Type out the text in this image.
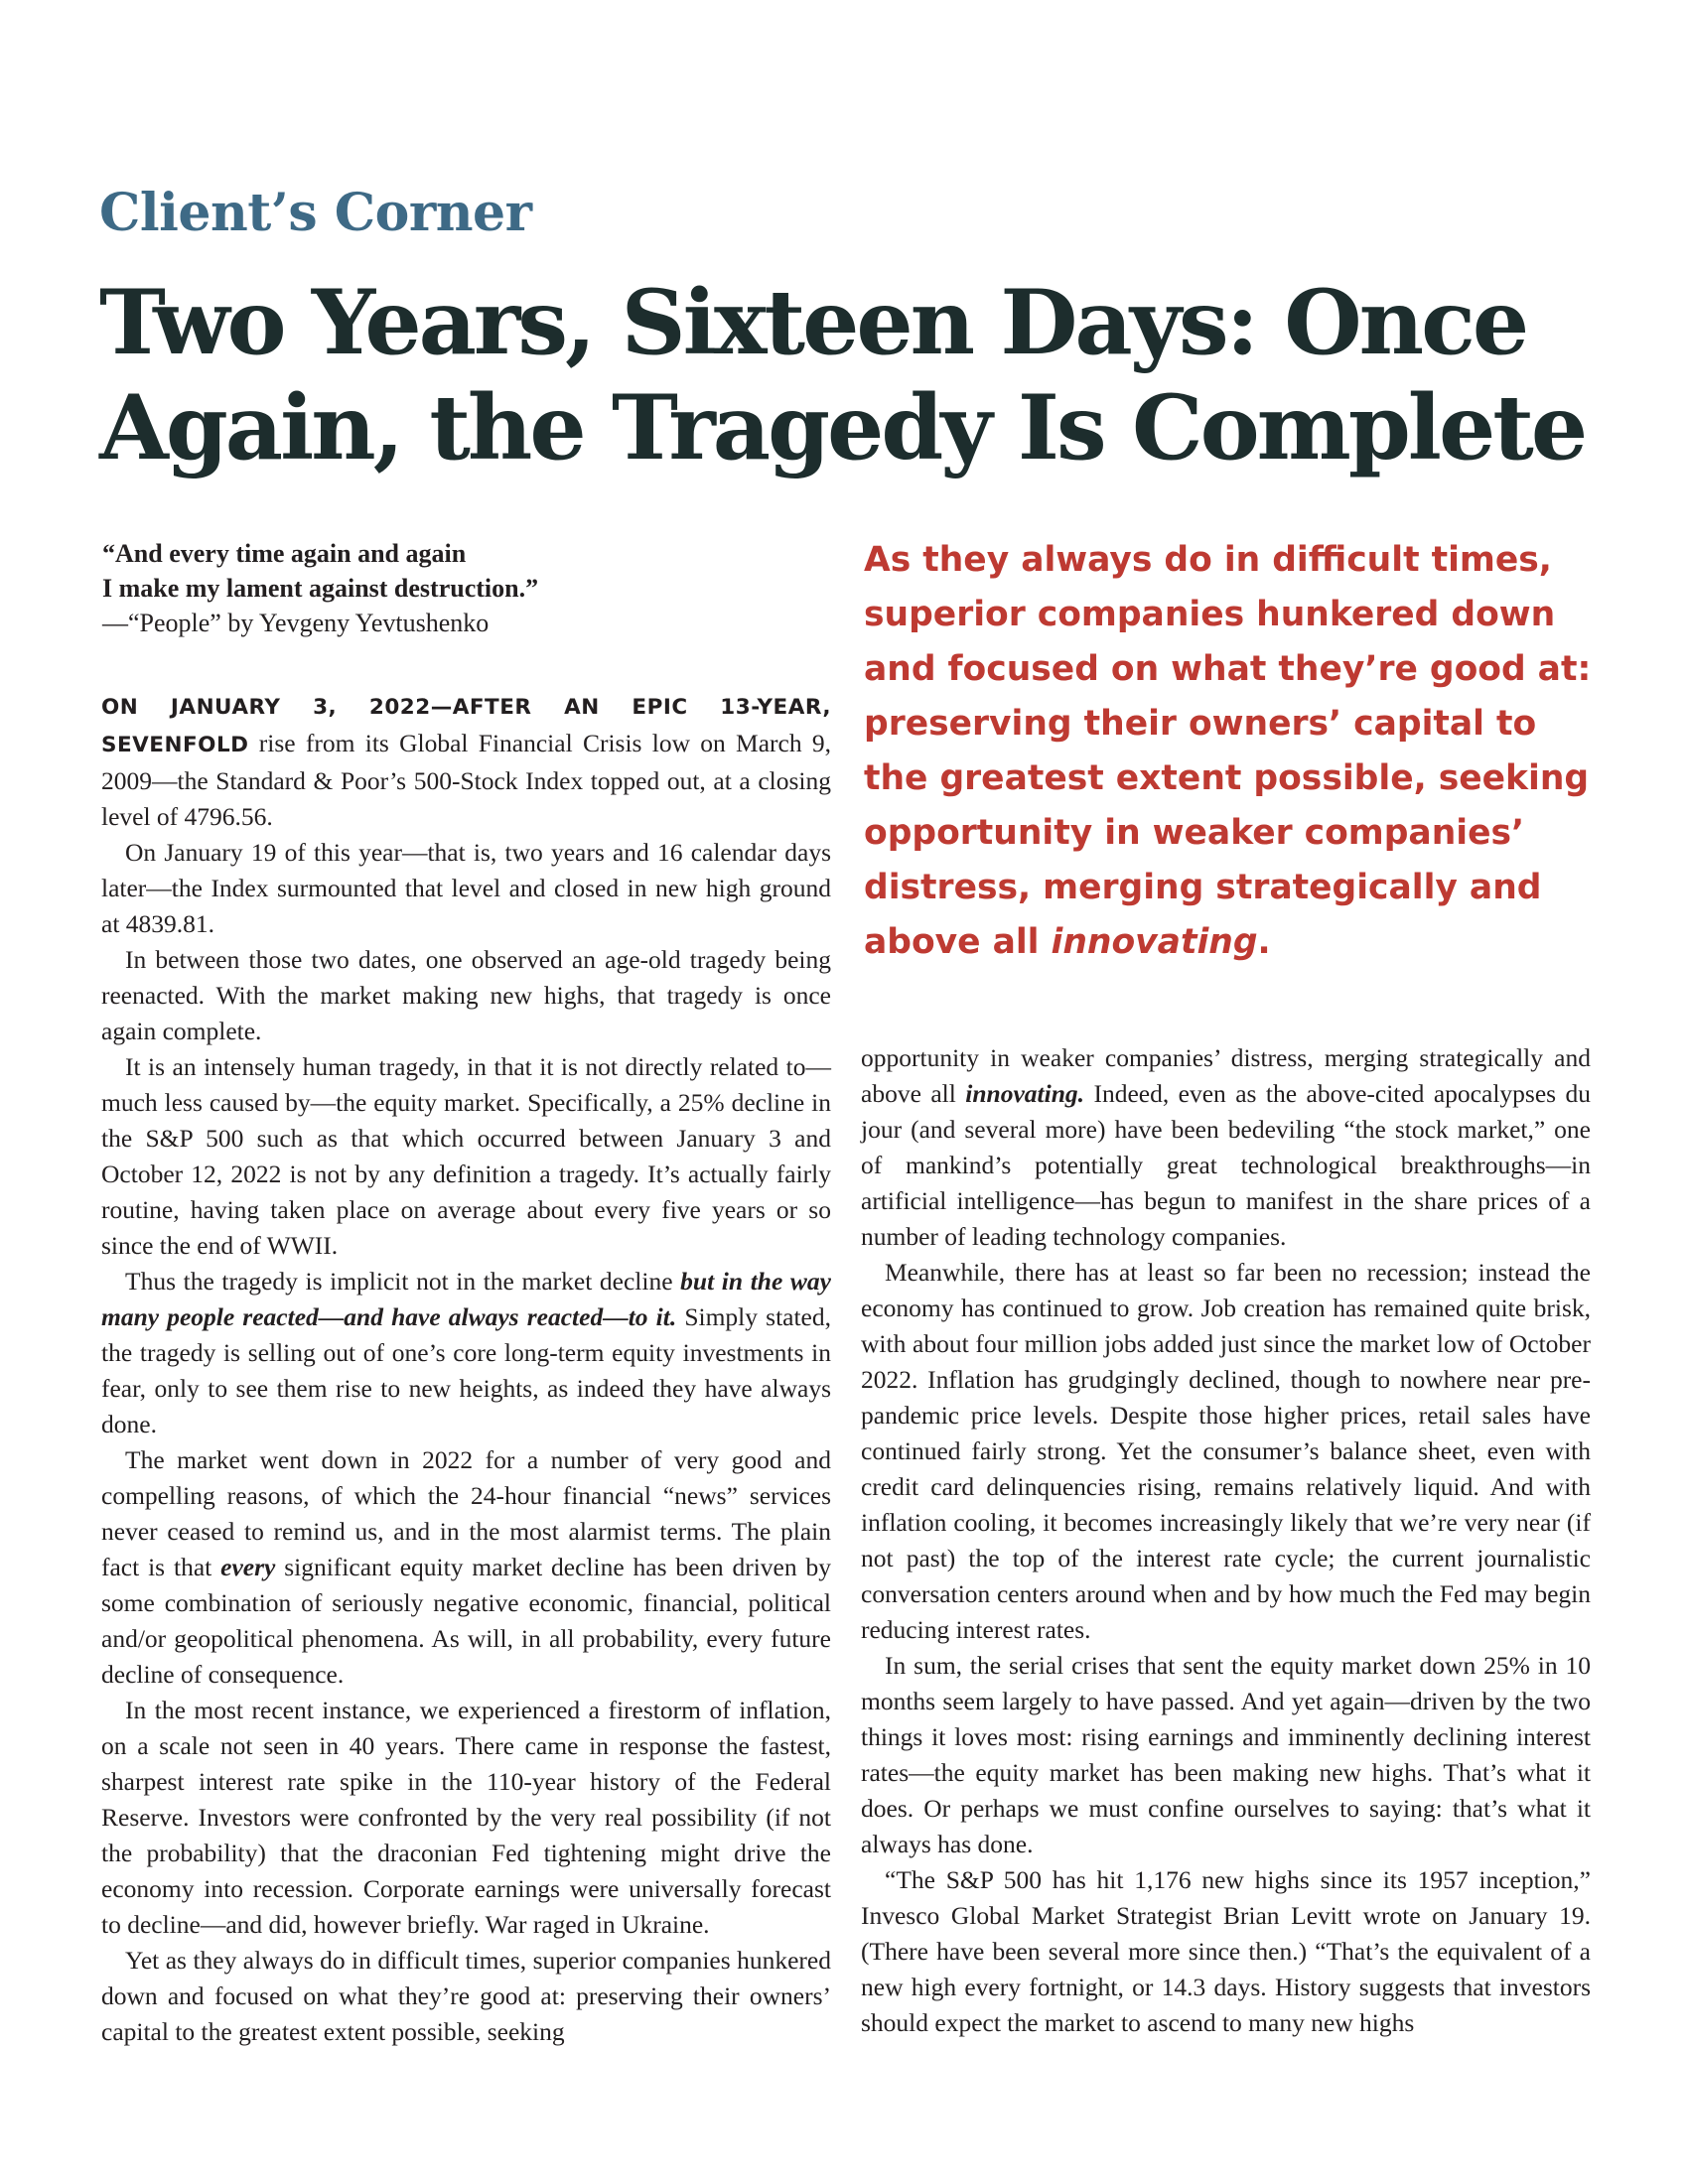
Client’s Corner
Two Years, Sixteen Days: Once Again, the Tragedy Is Complete
“And every time again and again
I make my lament against destruction.”
—“People” by Yevgeny Yevtushenko

As they always do in difficult times, superior companies hunkered down and focused on what they’re good at: preserving their owners’ capital to the greatest extent possible, seeking opportunity in weaker companies’ distress, merging strategically and above all innovating.

ON JANUARY 3, 2022—AFTER AN EPIC 13-YEAR, SEVENFOLD rise from its Global Financial Crisis low on March 9, 2009—the Standard & Poor’s 500-Stock Index topped out, at a closing level of 4796.56.

On January 19 of this year—that is, two years and 16 calendar days later—the Index surmounted that level and closed in new high ground at 4839.81.

In between those two dates, one observed an age-old tragedy being reenacted. With the market making new highs, that tragedy is once again complete.

It is an intensely human tragedy, in that it is not directly related to—much less caused by—the equity market. Specifically, a 25% decline in the S&P 500 such as that which occurred between January 3 and October 12, 2022 is not by any definition a tragedy. It’s actually fairly routine, having taken place on average about every five years or so since the end of WWII.

Thus the tragedy is implicit not in the market decline but in the way many people reacted—and have always reacted—to it. Simply stated, the tragedy is selling out of one’s core long-term equity investments in fear, only to see them rise to new heights, as indeed they have always done.

The market went down in 2022 for a number of very good and compelling reasons, of which the 24-hour financial “news” services never ceased to remind us, and in the most alarmist terms. The plain fact is that every significant equity market decline has been driven by some combination of seriously negative economic, financial, political and/or geopolitical phenomena. As will, in all probability, every future decline of consequence.

In the most recent instance, we experienced a firestorm of inflation, on a scale not seen in 40 years. There came in response the fastest, sharpest interest rate spike in the 110-year history of the Federal Reserve. Investors were confronted by the very real possibility (if not the probability) that the draconian Fed tightening might drive the economy into recession. Corporate earnings were universally forecast to decline—and did, however briefly. War raged in Ukraine.

Yet as they always do in difficult times, superior companies hunkered down and focused on what they’re good at: preserving their owners’ capital to the greatest extent possible, seeking

opportunity in weaker companies’ distress, merging strategically and above all innovating. Indeed, even as the above-cited apocalypses du jour (and several more) have been bedeviling “the stock market,” one of mankind’s potentially great technological breakthroughs—in artificial intelligence—has begun to manifest in the share prices of a number of leading technology companies.

Meanwhile, there has at least so far been no recession; instead the economy has continued to grow. Job creation has remained quite brisk, with about four million jobs added just since the market low of October 2022. Inflation has grudgingly declined, though to nowhere near pre-pandemic price levels. Despite those higher prices, retail sales have continued fairly strong. Yet the consumer’s balance sheet, even with credit card delinquencies rising, remains relatively liquid. And with inflation cooling, it becomes increasingly likely that we’re very near (if not past) the top of the interest rate cycle; the current journalistic conversation centers around when and by how much the Fed may begin reducing interest rates.

In sum, the serial crises that sent the equity market down 25% in 10 months seem largely to have passed. And yet again—driven by the two things it loves most: rising earnings and imminently declining interest rates—the equity market has been making new highs. That’s what it does. Or perhaps we must confine ourselves to saying: that’s what it always has done.

“The S&P 500 has hit 1,176 new highs since its 1957 inception,” Invesco Global Market Strategist Brian Levitt wrote on January 19. (There have been several more since then.) “That’s the equivalent of a new high every fortnight, or 14.3 days. History suggests that investors should expect the market to ascend to many new highs
